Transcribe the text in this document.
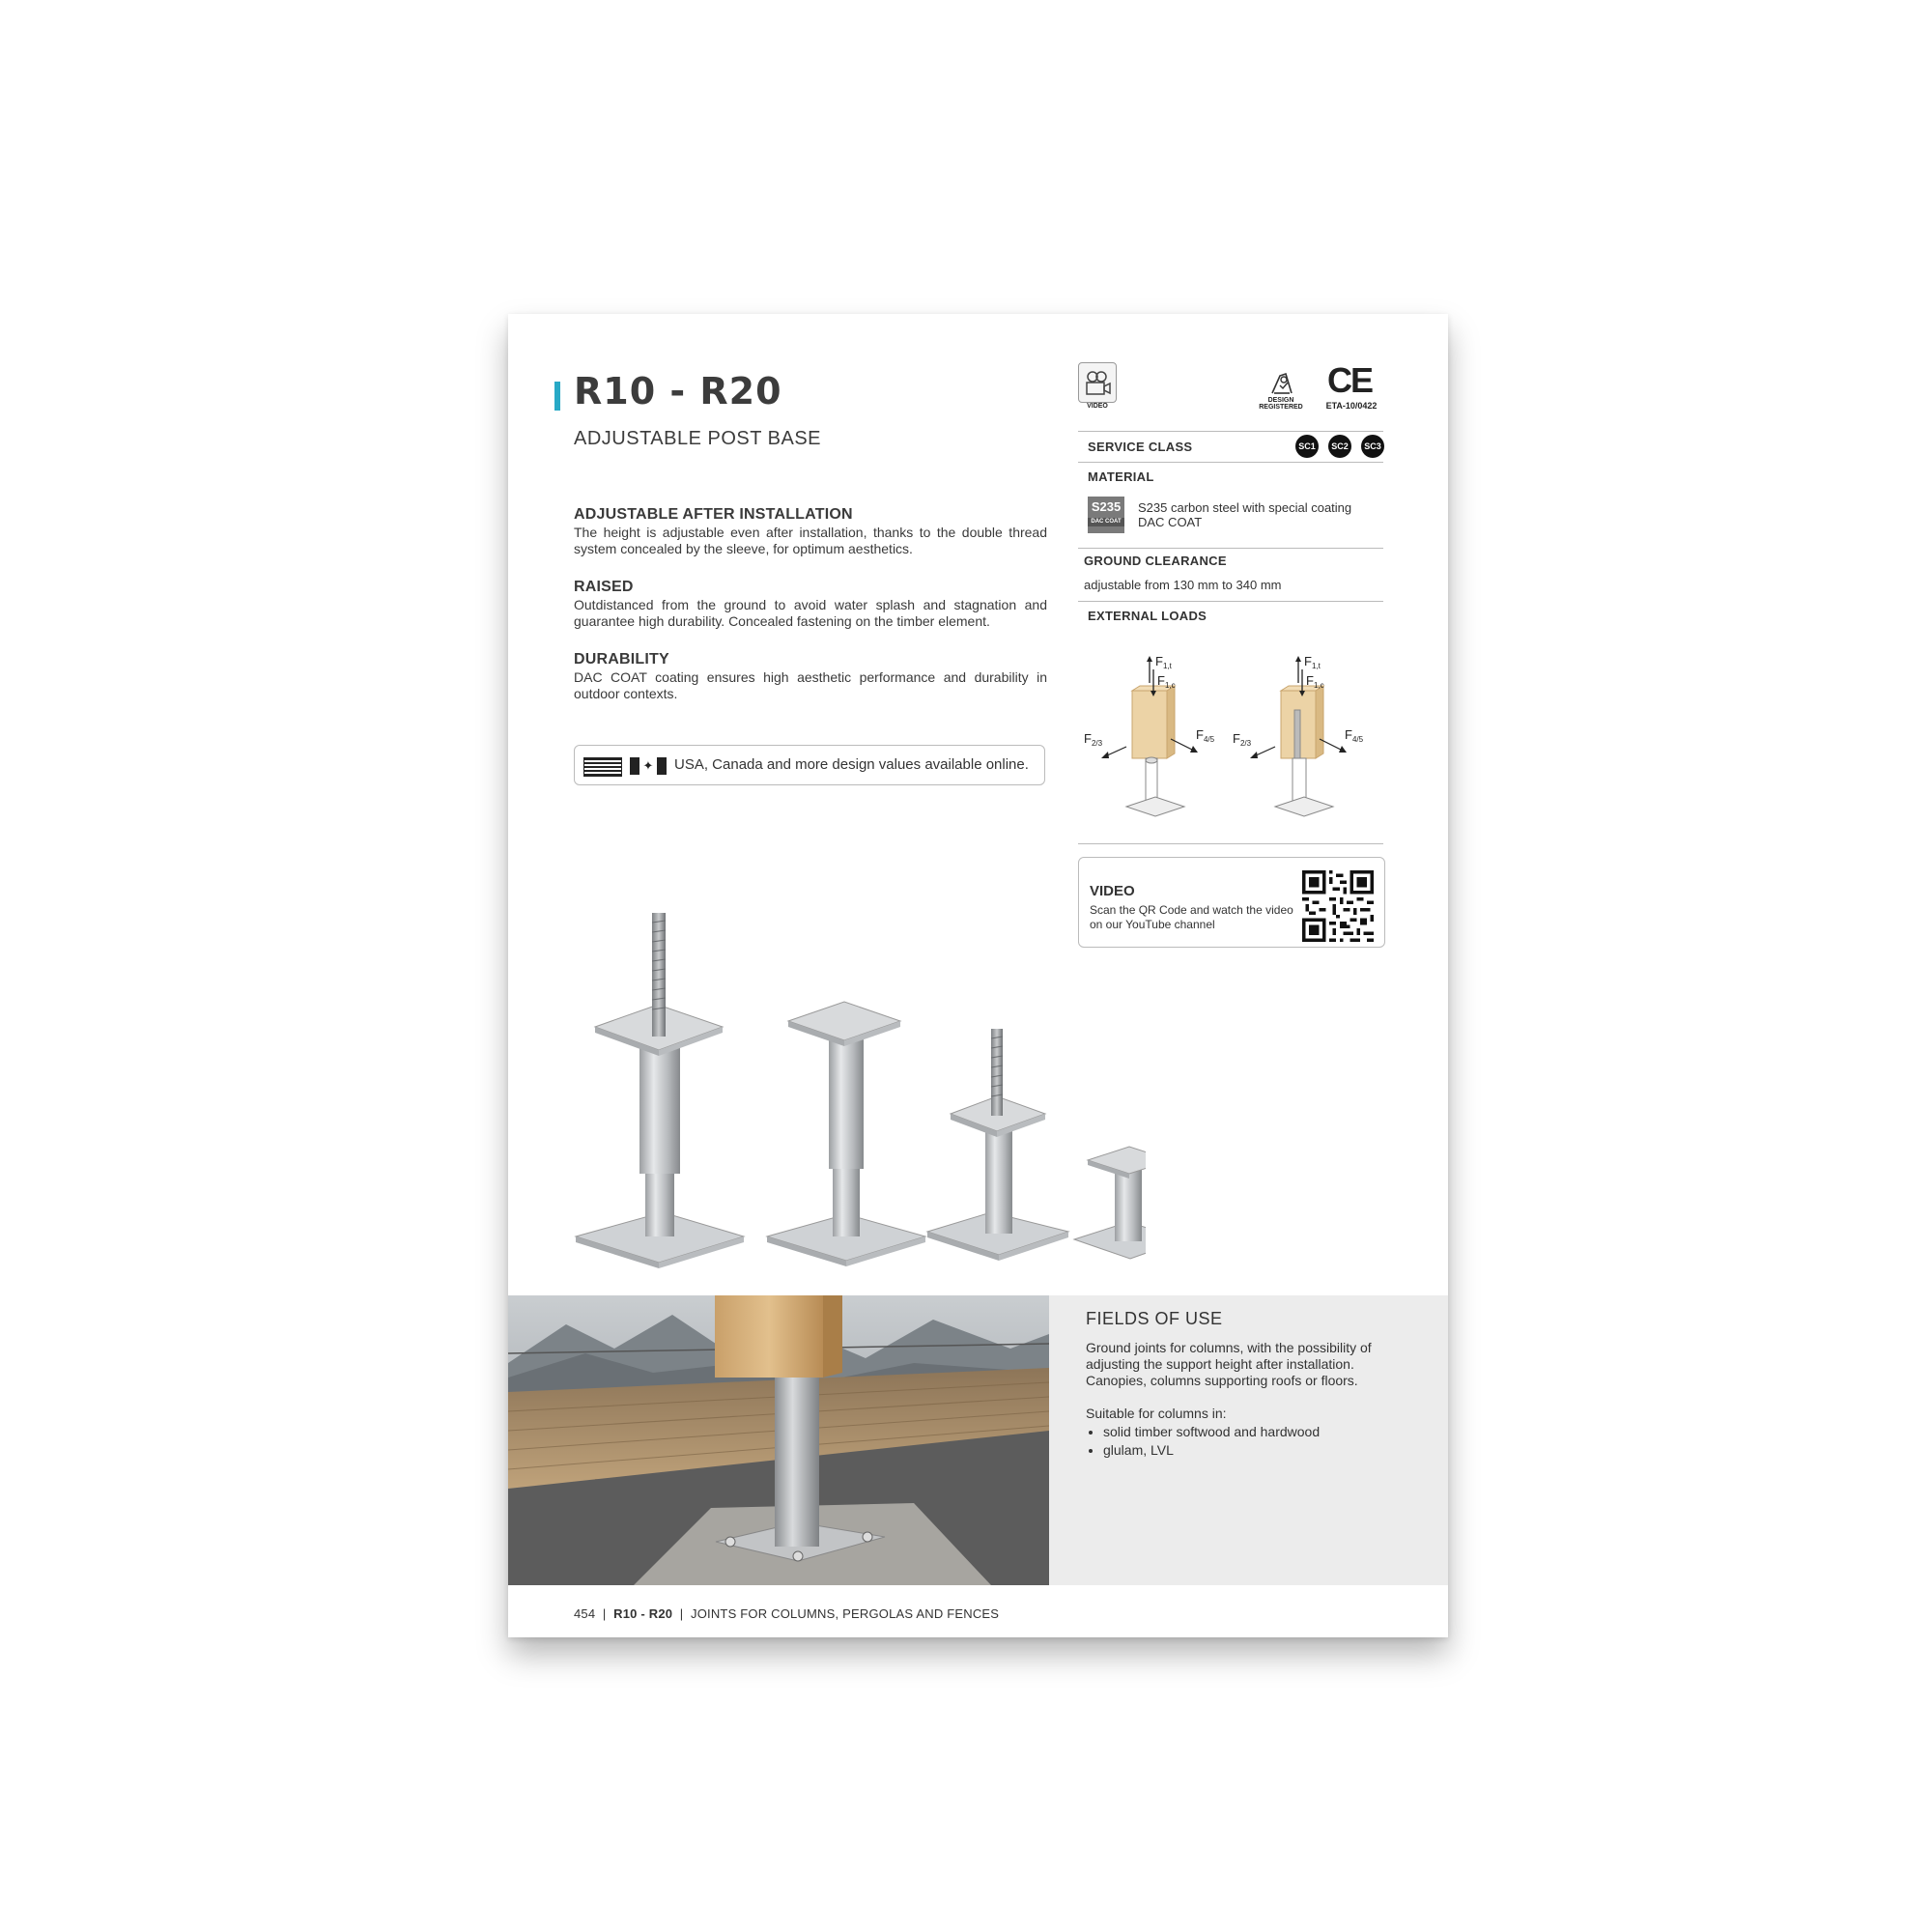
R10 - R20
ADJUSTABLE POST BASE
ADJUSTABLE AFTER INSTALLATION
The height is adjustable even after installation, thanks to the double thread system concealed by the sleeve, for optimum aesthetics.
RAISED
Outdistanced from the ground to avoid water splash and stagnation and guarantee high durability. Concealed fastening on the timber element.
DURABILITY
DAC COAT coating ensures high aesthetic performance and durability in outdoor contexts.
✦ USA, Canada and more design values available online.
VIDEO
DESIGN
REGISTERED
CE
ETA-10/0422
SERVICE CLASS	SC1	SC2	SC3
MATERIAL
S235
DAC COAT
S235 carbon steel with special coating DAC COAT
GROUND CLEARANCE
adjustable from 130 mm to 340 mm
EXTERNAL LOADS
$F_{1,t}$
$F_{1,c}$
$F_{2/3}$
$F_{4/5}$
$F_{1,t}$
$F_{1,c}$
$F_{2/3}$
$F_{4/5}$
VIDEO
Scan the QR Code and watch the video on our YouTube channel
FIELDS OF USE
Ground joints for columns, with the possibility of adjusting the support height after installation. Canopies, columns supporting roofs or floors.
Suitable for columns in:
• solid timber softwood and hardwood
• glulam, LVL
454  |  R10 - R20  |  JOINTS FOR COLUMNS, PERGOLAS AND FENCES
